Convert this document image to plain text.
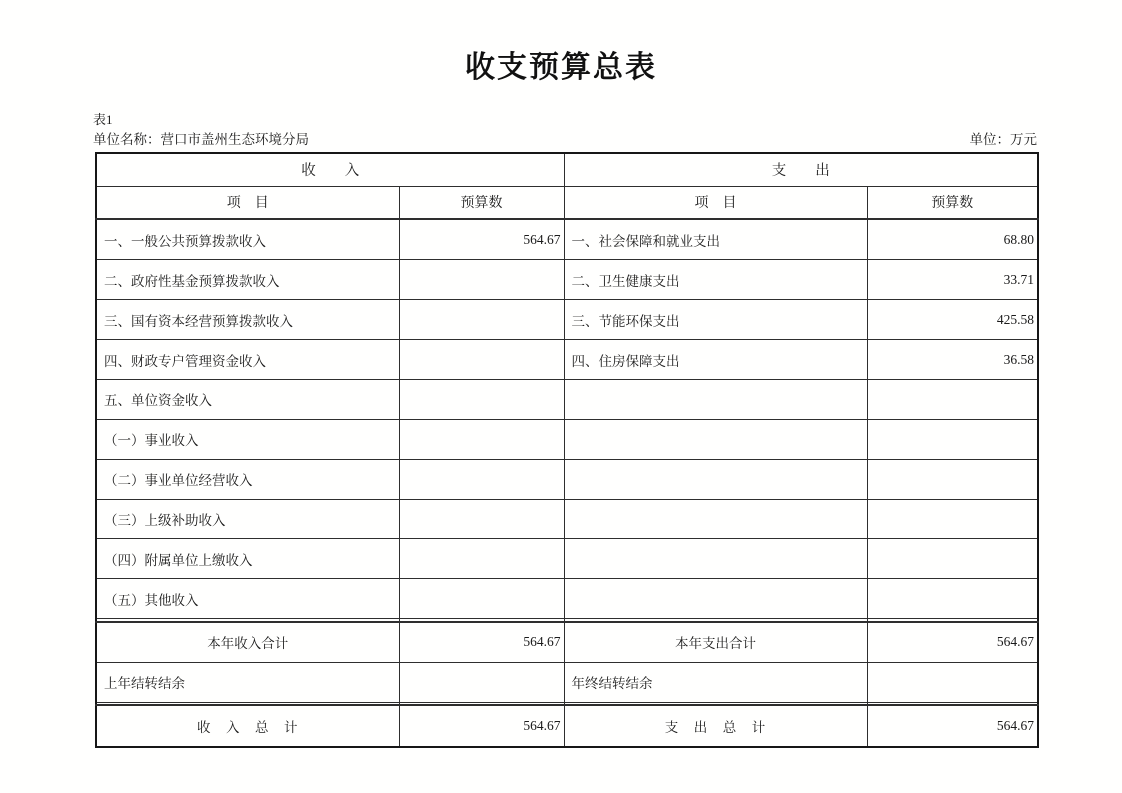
收支预算总表
表1
单位名称：营口市盖州生态环境分局	单位：万元
收　　入		支　　出	
项　目	预算数	项　目	预算数
一、一般公共预算拨款收入	564.67	一、社会保障和就业支出	68.80
二、政府性基金预算拨款收入		二、卫生健康支出	33.71
三、国有资本经营预算拨款收入		三、节能环保支出	425.58
四、财政专户管理资金收入		四、住房保障支出	36.58
五、单位资金收入			
（一）事业收入			
（二）事业单位经营收入			
（三）上级补助收入			
（四）附属单位上缴收入			
（五）其他收入			

本年收入合计	564.67	本年支出合计	564.67
上年结转结余		年终结转结余	

收　入　总　计	564.67	支　出　总　计	564.67
